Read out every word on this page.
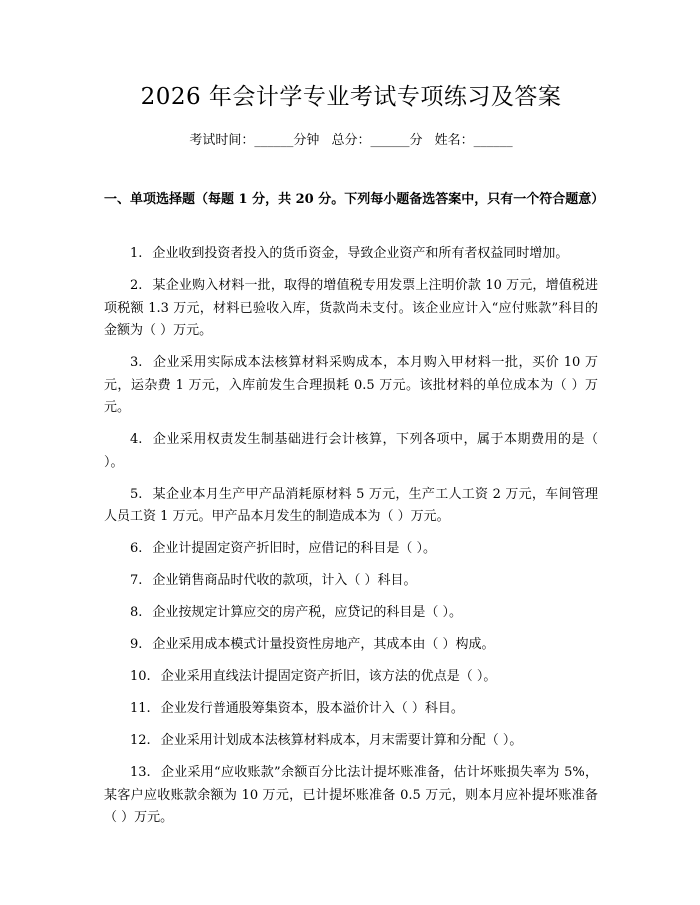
2026 年会计学专业考试专项练习及答案
考试时间：______分钟 总分：______分 姓名：______
一、单项选择题（每题 1 分，共 20 分。下列每小题备选答案中，只有一个符合题意）

1. 企业收到投资者投入的货币资金，导致企业资产和所有者权益同时增加。

2. 某企业购入材料一批，取得的增值税专用发票上注明价款 10 万元，增值税进项税额 1.3 万元，材料已验收入库，货款尚未支付。该企业应计入“应付账款”科目的金额为（ ）万元。

3. 企业采用实际成本法核算材料采购成本，本月购入甲材料一批，买价 10 万元，运杂费 1 万元，入库前发生合理损耗 0.5 万元。该批材料的单位成本为（ ）万元。

4. 企业采用权责发生制基础进行会计核算，下列各项中，属于本期费用的是（ ）。

5. 某企业本月生产甲产品消耗原材料 5 万元，生产工人工资 2 万元，车间管理人员工资 1 万元。甲产品本月发生的制造成本为（ ）万元。

6. 企业计提固定资产折旧时，应借记的科目是（ ）。

7. 企业销售商品时代收的款项，计入（ ）科目。

8. 企业按规定计算应交的房产税，应贷记的科目是（ ）。

9. 企业采用成本模式计量投资性房地产，其成本由（ ）构成。

10. 企业采用直线法计提固定资产折旧，该方法的优点是（ ）。

11. 企业发行普通股筹集资本，股本溢价计入（ ）科目。

12. 企业采用计划成本法核算材料成本，月末需要计算和分配（ ）。

13. 企业采用“应收账款”余额百分比法计提坏账准备，估计坏账损失率为 5%，某客户应收账款余额为 10 万元，已计提坏账准备 0.5 万元，则本月应补提坏账准备（ ）万元。
